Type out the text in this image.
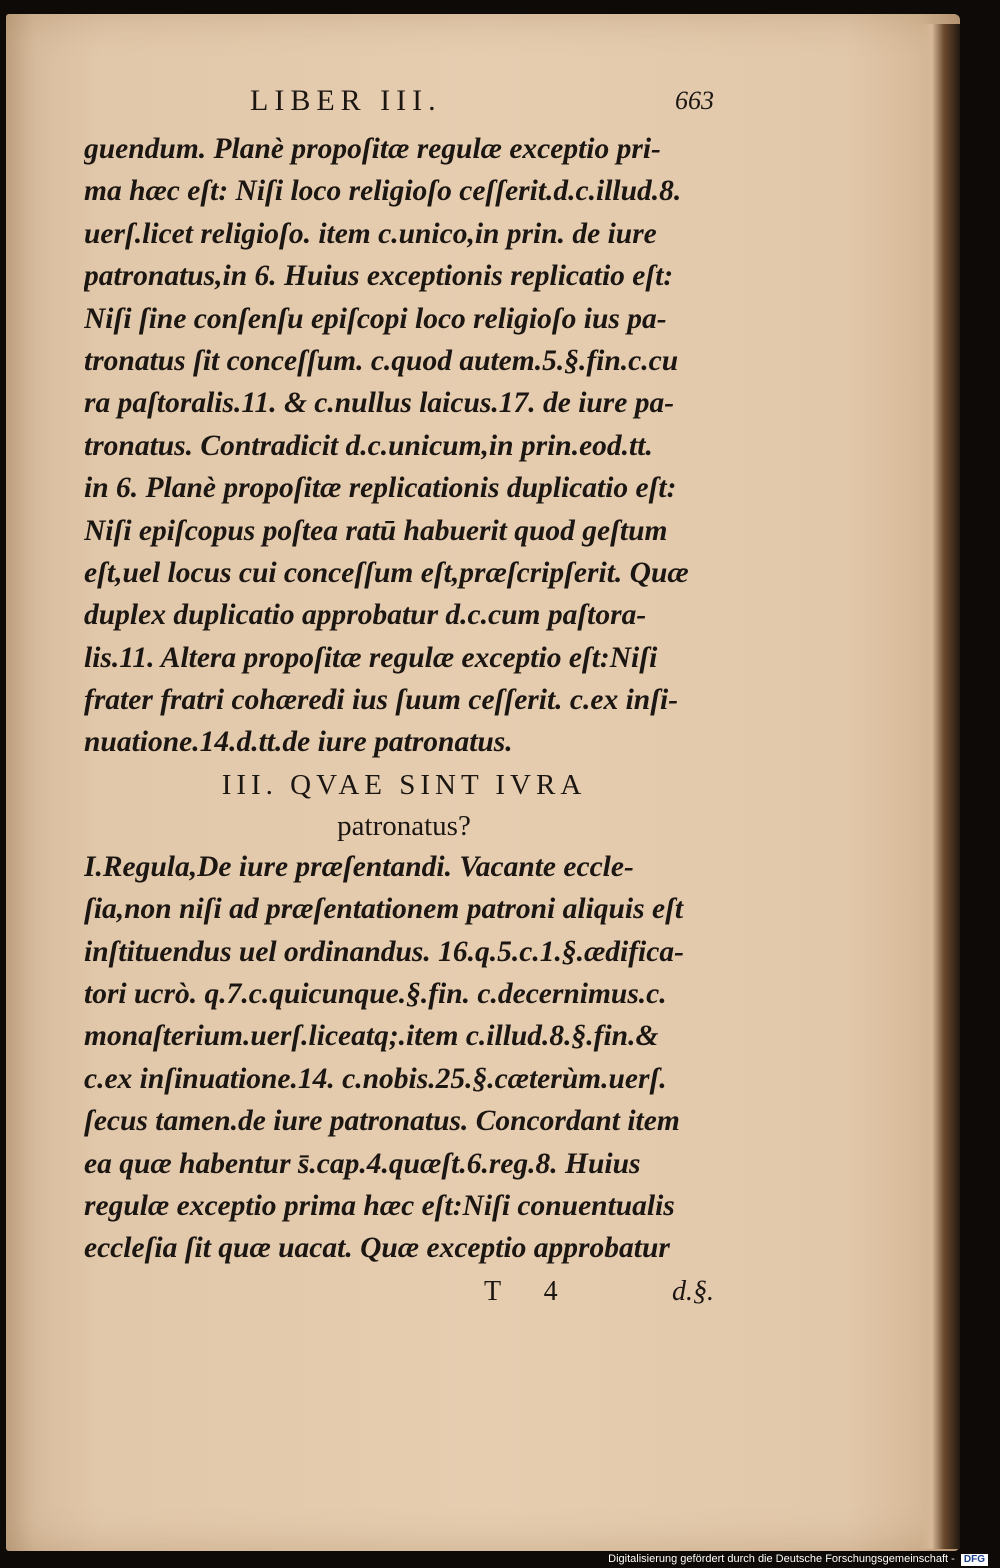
LIBER III.	663
guendum. Planè propoſitæ regulæ exceptio pri-
ma hæc eſt: Niſi loco religioſo ceſſerit.d.c.illud.8.
uerſ.licet religioſo. item c.unico,in prin. de iure
patronatus,in 6. Huius exceptionis replicatio eſt:
Niſi ſine conſenſu epiſcopi loco religioſo ius pa-
tronatus ſit conceſſum. c.quod autem.5.§.fin.c.cu
ra paſtoralis.11. & c.nullus laicus.17. de iure pa-
tronatus. Contradicit d.c.unicum,in prin.eod.tt.
in 6. Planè propoſitæ replicationis duplicatio eſt:
Niſi epiſcopus poſtea ratū habuerit quod geſtum
eſt,uel locus cui conceſſum eſt,præſcripſerit. Quæ
duplex duplicatio approbatur d.c.cum paſtora-
lis.11. Altera propoſitæ regulæ exceptio eſt:Niſi
frater fratri cohæredi ius ſuum ceſſerit. c.ex inſi-
nuatione.14.d.tt.de iure patronatus.
III. QVAE SINT IVRA
patronatus?
I.Regula,De iure præſentandi. Vacante eccle-
ſia,non niſi ad præſentationem patroni aliquis eſt
inſtituendus uel ordinandus. 16.q.5.c.1.§.ædifica-
tori ucrò. q.7.c.quicunque.§.fin. c.decernimus.c.
monaſterium.uerſ.liceatq;.item c.illud.8.§.fin.&
c.ex inſinuatione.14. c.nobis.25.§.cæterùm.uerſ.
ſecus tamen.de iure patronatus. Concordant item
ea quæ habentur s̄.cap.4.quæſt.6.reg.8. Huius
regulæ exceptio prima hæc eſt:Niſi conuentualis
eccleſia ſit quæ uacat. Quæ exceptio approbatur
T 4	d.§.
Digitalisierung gefördert durch die Deutsche Forschungsgemeinschaft - DFG
